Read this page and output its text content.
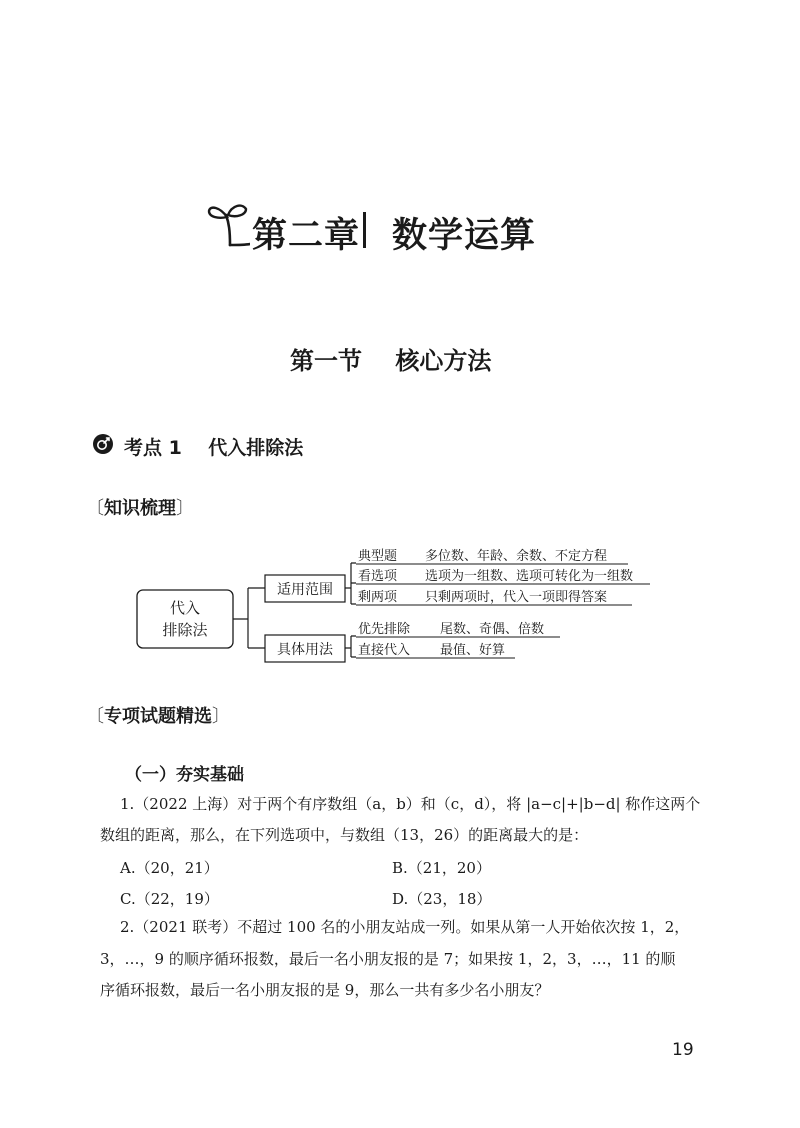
第二章 数学运算
第一节    核心方法
考点 1    代入排除法
〔知识梳理〕
代入
排除法
适用范围
典型题 多位数、年龄、余数、不定方程
看选项 选项为一组数、选项可转化为一组数
剩两项 只剩两项时，代入一项即得答案
具体用法
优先排除 尾数、奇偶、倍数
直接代入 最值、好算
〔专项试题精选〕
（一）夯实基础
1.（2022 上海）对于两个有序数组（a，b）和（c，d），将 |a−c|+|b−d| 称作这两个
数组的距离，那么，在下列选项中，与数组（13，26）的距离最大的是：
A.（20，21）	B.（21，20）
C.（22，19）	D.（23，18）
2.（2021 联考）不超过 100 名的小朋友站成一列。如果从第一人开始依次按 1，2，
3，…，9 的顺序循环报数，最后一名小朋友报的是 7；如果按 1，2，3，…，11 的顺
序循环报数，最后一名小朋友报的是 9，那么一共有多少名小朋友？
19
